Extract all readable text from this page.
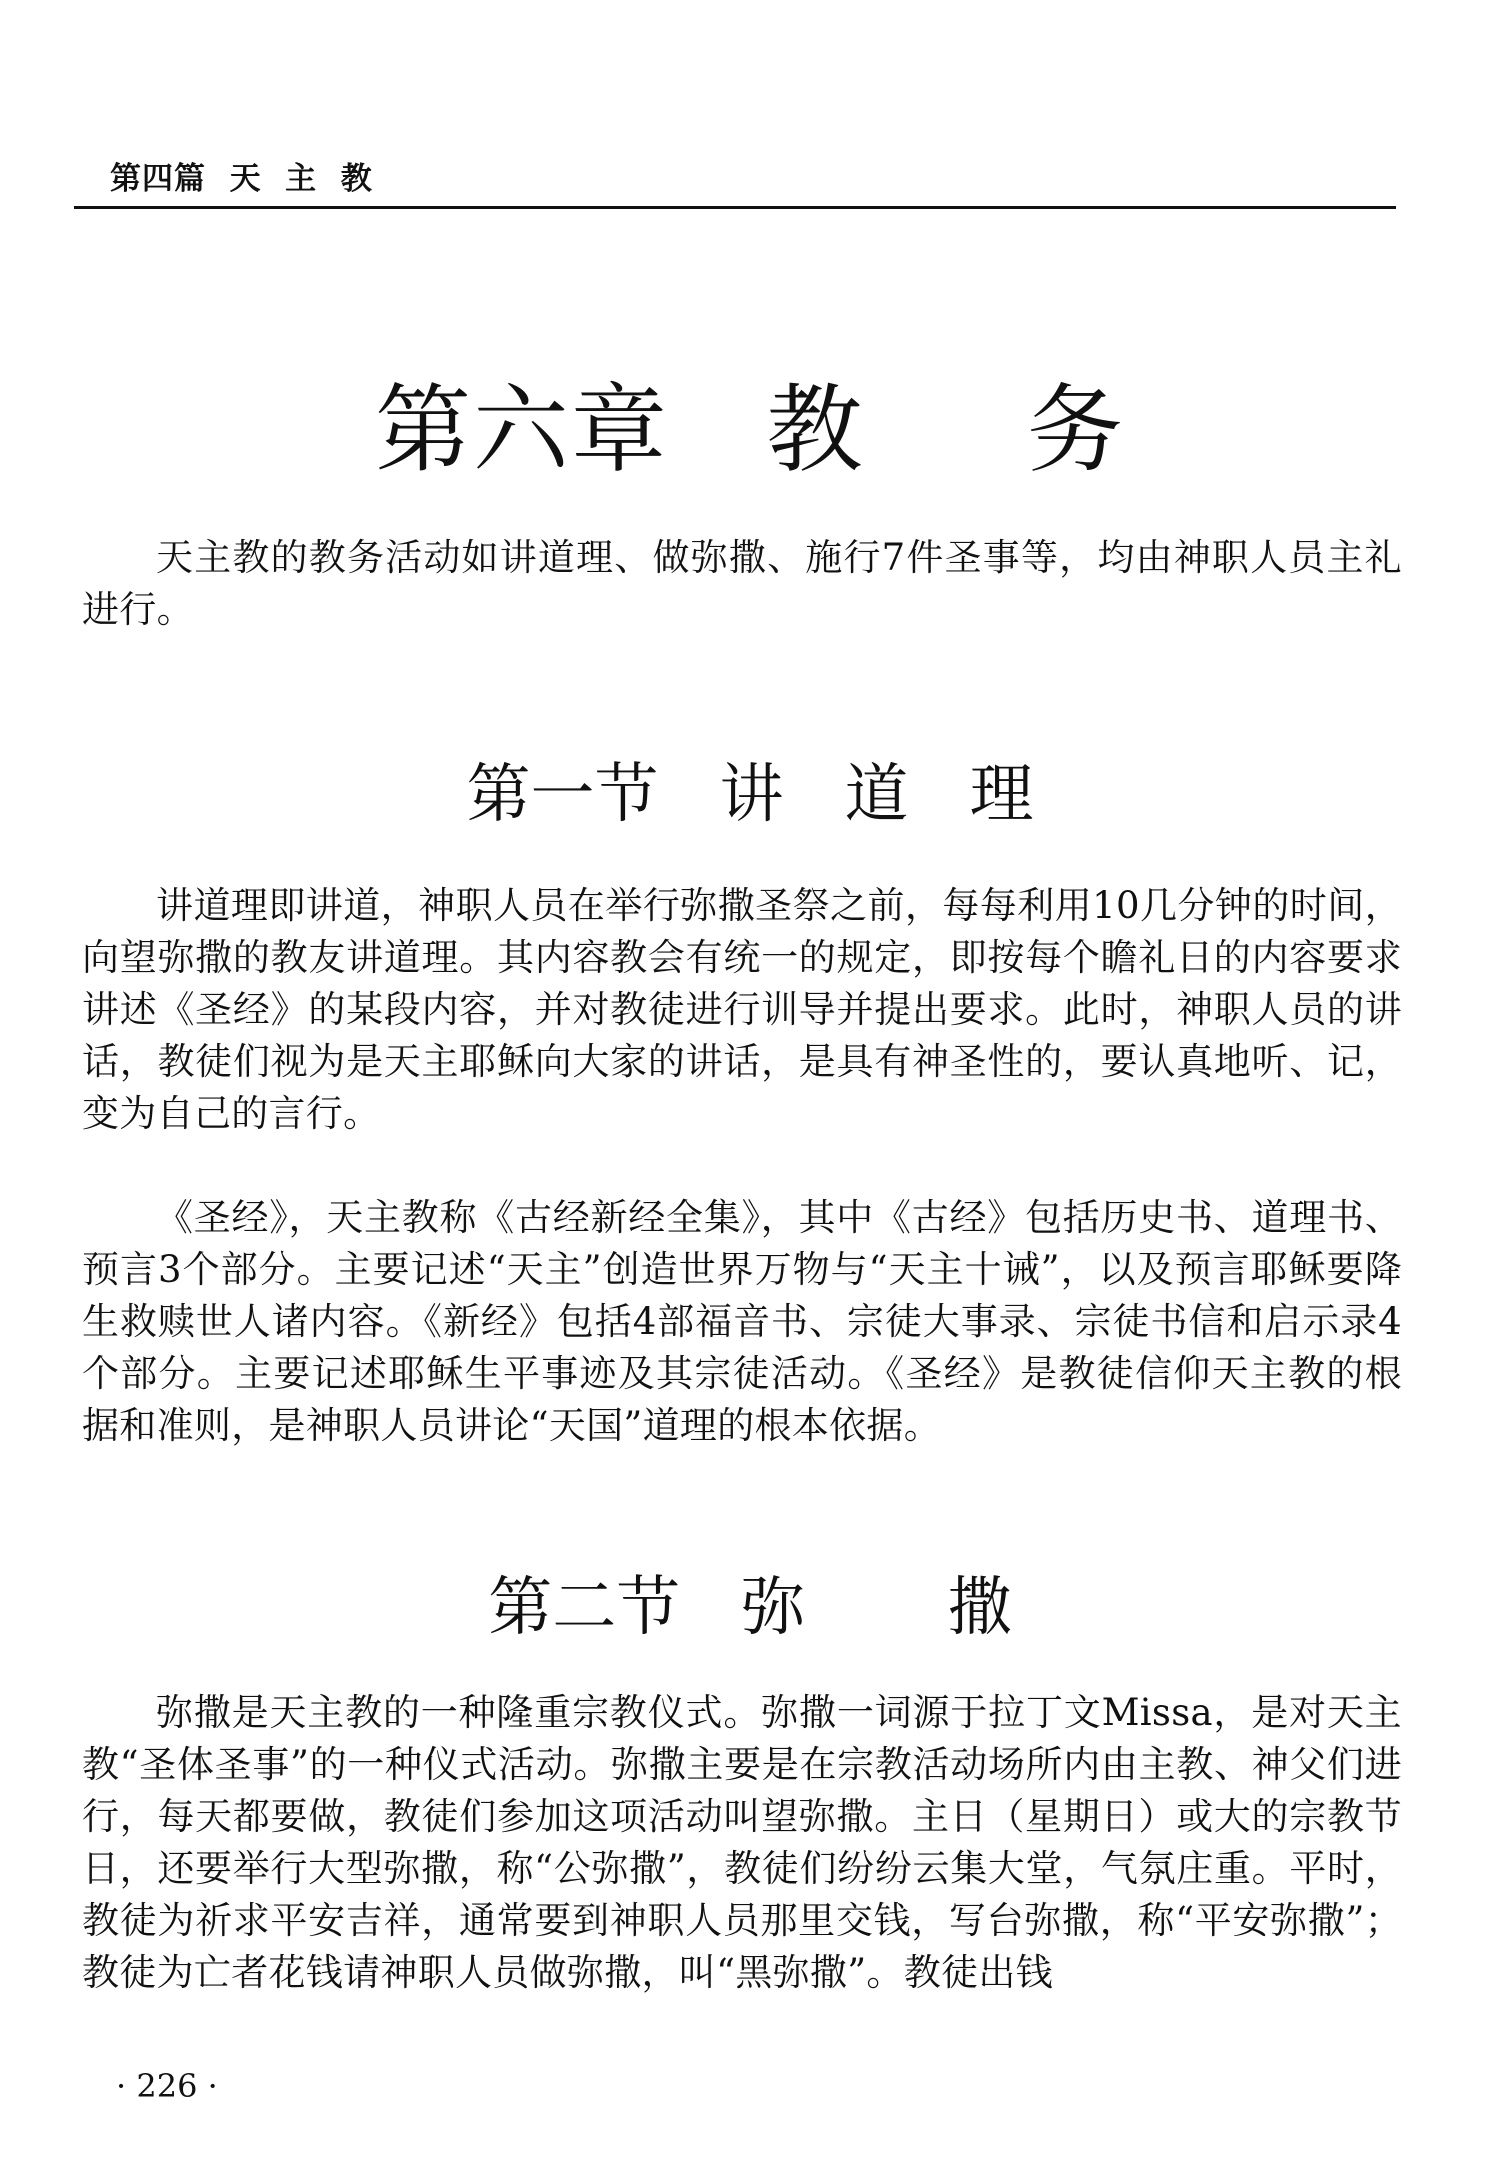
第四篇  天  主  教
第六章   教     务

天主教的教务活动如讲道理、做弥撒、施行7件圣事等，均由神职人员主礼进行。

第一节   讲   道   理

讲道理即讲道，神职人员在举行弥撒圣祭之前，每每利用10几分钟的时间，向望弥撒的教友讲道理。其内容教会有统一的规定，即按每个瞻礼日的内容要求讲述《圣经》的某段内容，并对教徒进行训导并提出要求。此时，神职人员的讲话，教徒们视为是天主耶稣向大家的讲话，是具有神圣性的，要认真地听、记，变为自己的言行。

《圣经》，天主教称《古经新经全集》，其中《古经》包括历史书、道理书、预言3个部分。主要记述“天主”创造世界万物与“天主十诫”，以及预言耶稣要降生救赎世人诸内容。《新经》包括4部福音书、宗徒大事录、宗徒书信和启示录4个部分。主要记述耶稣生平事迹及其宗徒活动。《圣经》是教徒信仰天主教的根据和准则，是神职人员讲论“天国”道理的根本依据。

第二节   弥       撒

弥撒是天主教的一种隆重宗教仪式。弥撒一词源于拉丁文Missa，是对天主教“圣体圣事”的一种仪式活动。弥撒主要是在宗教活动场所内由主教、神父们进行，每天都要做，教徒们参加这项活动叫望弥撒。主日（星期日）或大的宗教节日，还要举行大型弥撒，称“公弥撒”，教徒们纷纷云集大堂，气氛庄重。平时，教徒为祈求平安吉祥，通常要到神职人员那里交钱，写台弥撒，称“平安弥撒”；教徒为亡者花钱请神职人员做弥撒，叫“黑弥撒”。教徒出钱

· 226 ·
